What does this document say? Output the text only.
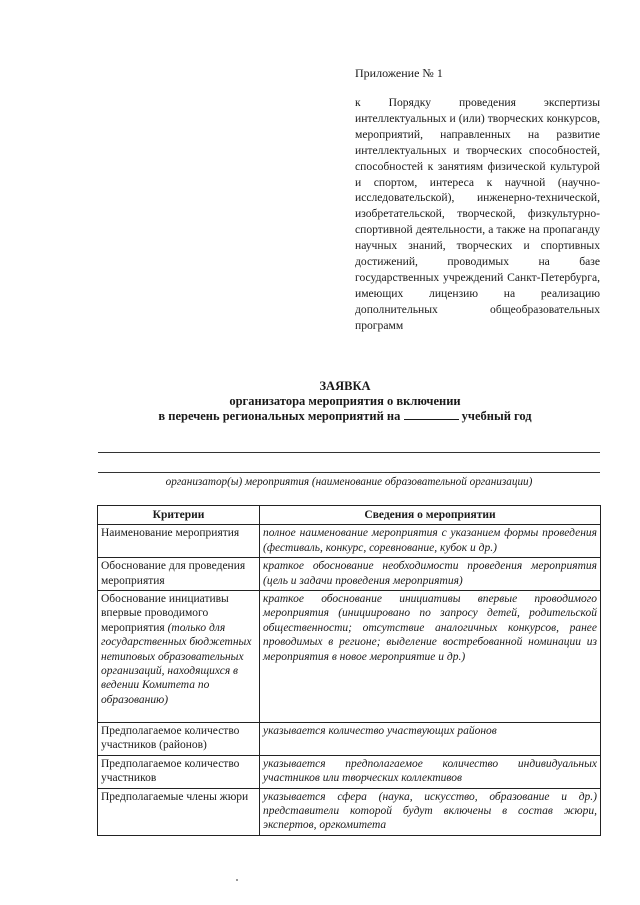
Приложение № 1
к Порядку проведения экспертизы интеллектуальных и (или) творческих конкурсов, мероприятий, направленных на развитие интеллектуальных и творческих способностей, способностей к занятиям физической культурой и спортом, интереса к научной (научно-исследовательской), инженерно-технической, изобретательской, творческой, физкультурно-спортивной деятельности, а также на пропаганду научных знаний, творческих и спортивных достижений, проводимых на базе государственных учреждений Санкт-Петербурга, имеющих лицензию на реализацию дополнительных общеобразовательных программ
ЗАЯВКА
организатора мероприятия о включении
в перечень региональных мероприятий на	учебный год
организатор(ы) мероприятия (наименование образовательной организации)
Критерии	Сведения о мероприятии
Наименование мероприятия	полное наименование мероприятия с указанием формы проведения (фестиваль, конкурс, соревнование, кубок и др.)
Обоснование для проведения мероприятия	краткое обоснование необходимости проведения мероприятия (цель и задачи проведения мероприятия)
Обоснование инициативы впервые проводимого мероприятия (только для государственных бюджетных нетиповых образовательных организаций, находящихся в ведении Комитета по образованию)	краткое обоснование инициативы впервые проводимого мероприятия (инициировано по запросу детей, родительской общественности; отсутствие аналогичных конкурсов, ранее проводимых в регионе; выделение востребованной номинации из мероприятия в новое мероприятие и др.)
Предполагаемое количество участников (районов)	указывается количество участвующих районов
Предполагаемое количество участников	указывается предполагаемое количество индивидуальных участников или творческих коллективов
Предполагаемые члены жюри	указывается сфера (наука, искусство, образование и др.) представители которой будут включены в состав жюри, экспертов, оргкомитета
